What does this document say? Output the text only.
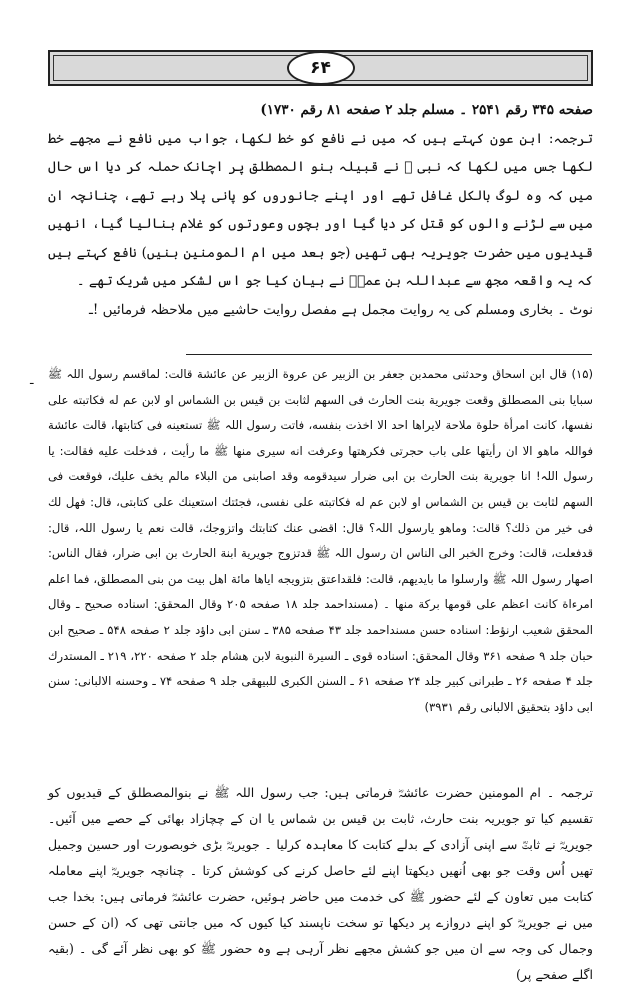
۶۴

صفحه ۳۴۵ رقم ۲۵۴۱ ۔ مسلم جلد ۲ صفحه ۸۱ رقم ۱۷۳۰)

ترجمہ: ابن عون کہتے ہیں کہ میں نے نافع کو خط لکھا، جواب میں نافع نے مجھے خط لکھا جس میں لکھا کہ نبی ﷺ نے قبیلہ بنو المصطلق پر اچانک حملہ کر دیا اس حال میں کہ وہ لوگ بالکل غافل تھے اور اپنے جانوروں کو پانی پلا رہے تھے، چنانچہ ان میں سے لڑنے والوں کو قتل کر دیا گیا اور بچوں وعورتوں کو غلام بنالیا گیا، انھیں قیدیوں میں حضرت جویریہ بھی تھیں (جو بعد میں ام المومنین بنیں) نافع کہتے ہیں کہ یہ واقعہ مجھ سے عبداللہ بن عمرؓ نے بیان کیا جو اس لشکر میں شریک تھے ۔

نوٹ ۔ بخاری ومسلم کی یہ روایت مجمل ہے مفصل روایت حاشیے میں ملاحظہ فرمائیں !ـ

ـ (۱۵) قال ابن اسحاق وحدثنی محمدبن جعفر بن الزبیر عن عروة الزبیر عن عائشة قالت: لماقسم رسول اللہ ﷺ سبایا بنی المصطلق وقعت جویریة بنت الحارث فی السهم لثابت بن قیس بن الشماس او لابن عم له فكاتبته علی نفسها، كانت امرأة حلوة ملاحة لایراها احد الا اخذت بنفسه، فاتت رسول اللہ ﷺ تستعینه فی كتابتها، قالت عائشة فواللہ ماهو الا ان رأیتها علی باب حجرتی فكرهتها وعرفت انه سیری منها ﷺ ما رأیت ، فدخلت علیه فقالت: یا رسول اللہ! انا جویریة بنت الحارث بن ابی ضرار سیدقومه وقد اصابنی من البلاء مالم یخف علیك، فوقعت فی السهم لثابت بن قیس بن الشماس او لابن عم له فكاتبته علی نفسی، فجئتك استعینك علی كتابتی، قال: فهل لك فی خیر من ذلك؟ قالت: وماهو یارسول اللہ؟ قال: اقضی عنك كتابتك واتزوجك، قالت نعم یا رسول اللہ، قال: قدفعلت، قالت: وخرج الخبر الی الناس ان رسول اللہ ﷺ قدتزوج جویریة ابنة الحارث بن ابی ضرار، فقال الناس: اصهار رسول اللہ ﷺ وارسلوا ما بایدیهم، قالت: فلقداعتق بتزویجه ایاها مائة اهل بیت من بنی المصطلق، فما اعلم امرءاة كانت اعظم علی قومها بركة منها ۔ (مسنداحمد جلد ۱۸ صفحه ۲۰۵ وقال المحقق: اسناده صحیح ـ وقال المحقق شعیب ارنؤط: اسناده حسن مسنداحمد جلد ۴۳ صفحه ۳۸۵ ـ سنن ابی داؤد جلد ۲ صفحه ۵۴۸ ـ صحیح ابن حبان جلد ۹ صفحه ۳۶۱ وقال المحقق: اسناده قوی ـ السیرة النبویة لابن هشام جلد ۲ صفحه ۲۲۰، ۲۱۹ ـ المستدرك جلد ۴ صفحه ۲۶ ـ طبرانی كبیر جلد ۲۴ صفحه ۶۱ ـ السنن الكبری للبیهقی جلد ۹ صفحه ۷۴ ـ وحسنه الالبانی: سنن ابی داؤد بتحقیق الالبانی رقم ۳۹۳۱)

ترجمہ ۔ ام المومنین حضرت عائشہؓ فرماتی ہیں: جب رسول اللہ ﷺ نے بنوالمصطلق کے قیدیوں کو تقسیم کیا تو جویریہ بنت حارث، ثابت بن قیس بن شماس یا ان کے چچازاد بھائی کے حصے میں آئیں۔ جویریہؓ نے ثابتؓ سے اپنی آزادی کے بدلے کتابت کا معاہدہ کرلیا ۔ جویریہؓ بڑی خوبصورت اور حسین وجمیل تھیں اُس وقت جو بھی اُنھیں دیکھتا اپنے لئے حاصل کرنے کی کوشش کرتا ۔ چنانچہ جویریہؓ اپنے معاملہ کتابت میں تعاون کے لئے حضور ﷺ کی خدمت میں حاضر ہوئیں، حضرت عائشہؓ فرماتی ہیں: بخدا جب میں نے جویریہؓ کو اپنے دروازے پر دیکھا تو سخت ناپسند کیا کیوں کہ میں جانتی تھی کہ (ان کے حسن وجمال کی وجہ سے ان میں جو کشش مجھے نظر آرہی ہے وہ حضور ﷺ کو بھی نظر آئے گی ۔ (بقیہ اگلے صفحے پر)
